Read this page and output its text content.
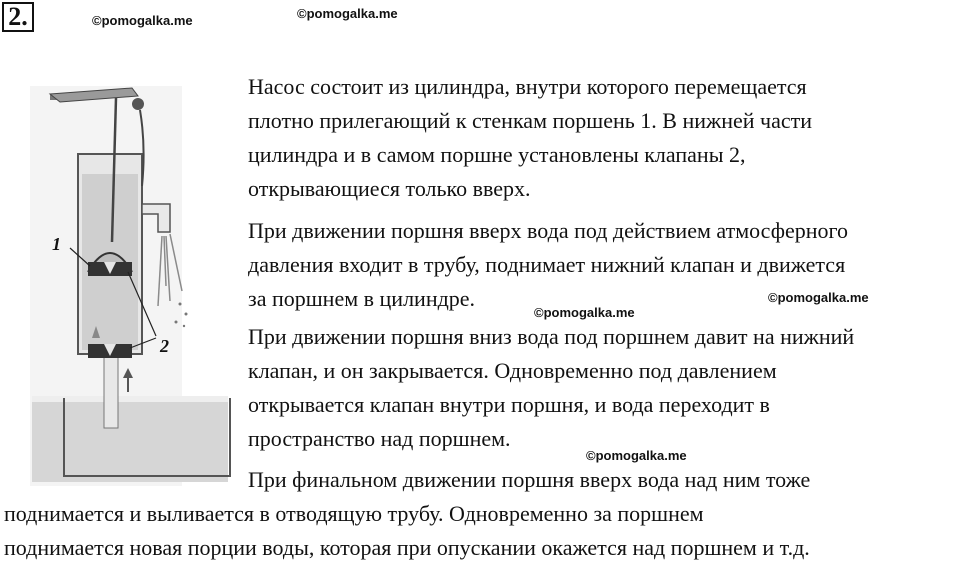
2.	©pomogalka.me	©pomogalka.me
©pomogalka.me
©pomogalka.me
©pomogalka.me
1
2

Насос состоит из цилиндра, внутри которого перемещается

плотно прилегающий к стенкам поршень 1. В нижней части

цилиндра и в самом поршне установлены клапаны 2,

открывающиеся только вверх.

При движении поршня вверх вода под действием атмосферного

давления входит в трубу, поднимает нижний клапан и движется

за поршнем в цилиндре.

При движении поршня вниз вода под поршнем давит на нижний

клапан, и он закрывается. Одновременно под давлением

открывается клапан внутри поршня, и вода переходит в

пространство над поршнем.

При финальном движении поршня вверх вода над ним тоже

поднимается и выливается в отводящую трубу. Одновременно за поршнем

поднимается новая порции воды, которая при опускании окажется над поршнем и т.д.
